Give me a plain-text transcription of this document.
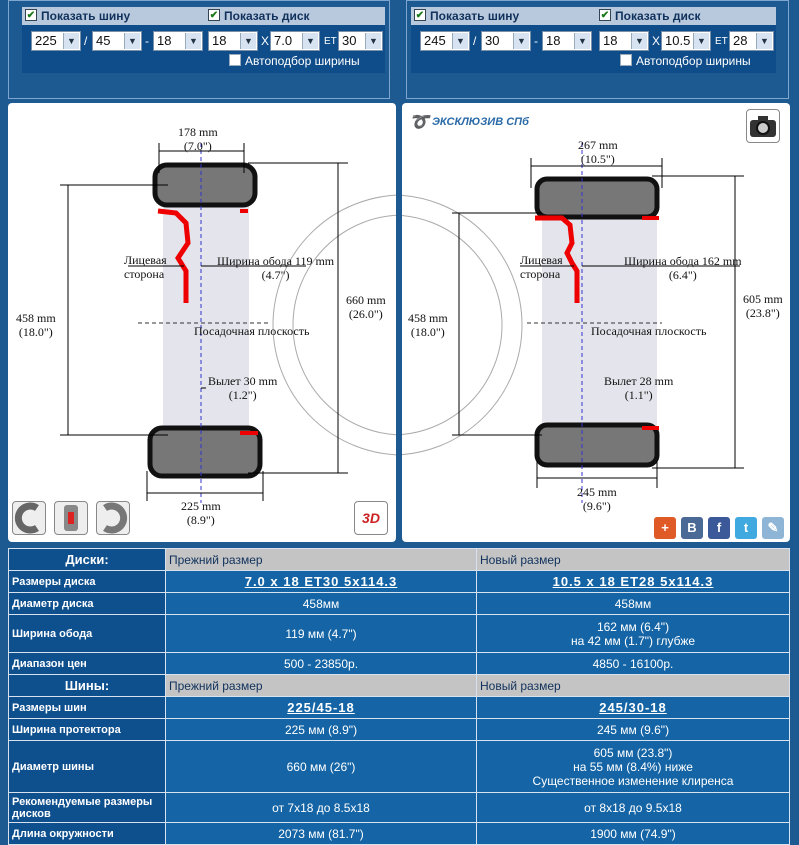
✔ Показать шину
225	▼ / 45	▼ - 18	▼
✔ Показать диск
18	▼ X 7.0	▼ ET 30	▼
Автоподбор ширины
✔ Показать шину
245	▼ / 30	▼ - 18	▼
✔ Показать диск
18	▼ X 10.5 ▼ ET 28	▼
Автоподбор ширины
178 mm
(7.0")
458 mm
(18.0")
660 mm
(26.0")
Лицевая
сторона
Ширина обода 119 mm
(4.7")
Посадочная плоскость
Вылет 30 mm
(1.2")
225 mm
(8.9")	3D
➰ ЭКСКЛЮЗИВ СПб
267 mm
(10.5")
458 mm
(18.0")
605 mm
(23.8")
Лицевая
сторона
Ширина обода 162 mm
(6.4")
Посадочная плоскость
Вылет 28 mm
(1.1")
245 mm
(9.6")
+	В	f	t	✎
Диски:	Прежний размер	Новый размер
Размеры диска	7.0 x 18 ET30 5x114.3	10.5 x 18 ET28 5x114.3
Диаметр диска	458мм	458мм
Ширина обода	119 мм (4.7")	162 мм (6.4")
на 42 мм (1.7") глубже

Диапазон цен	500 - 23850р.	4850 - 16100р.
Шины:	Прежний размер	Новый размер
Размеры шин	225/45-18	245/30-18
Ширина протектора	225 мм (8.9")	245 мм (9.6")
Диаметр шины	660 мм (26")	605 мм (23.8")
на 55 мм (8.4%) ниже
Существенное изменение клиренса

Рекомендуемые размеры дисков	от 7x18 до 8.5x18	от 8x18 до 9.5x18
Длина окружности	2073 мм (81.7")	1900 мм (74.9")
